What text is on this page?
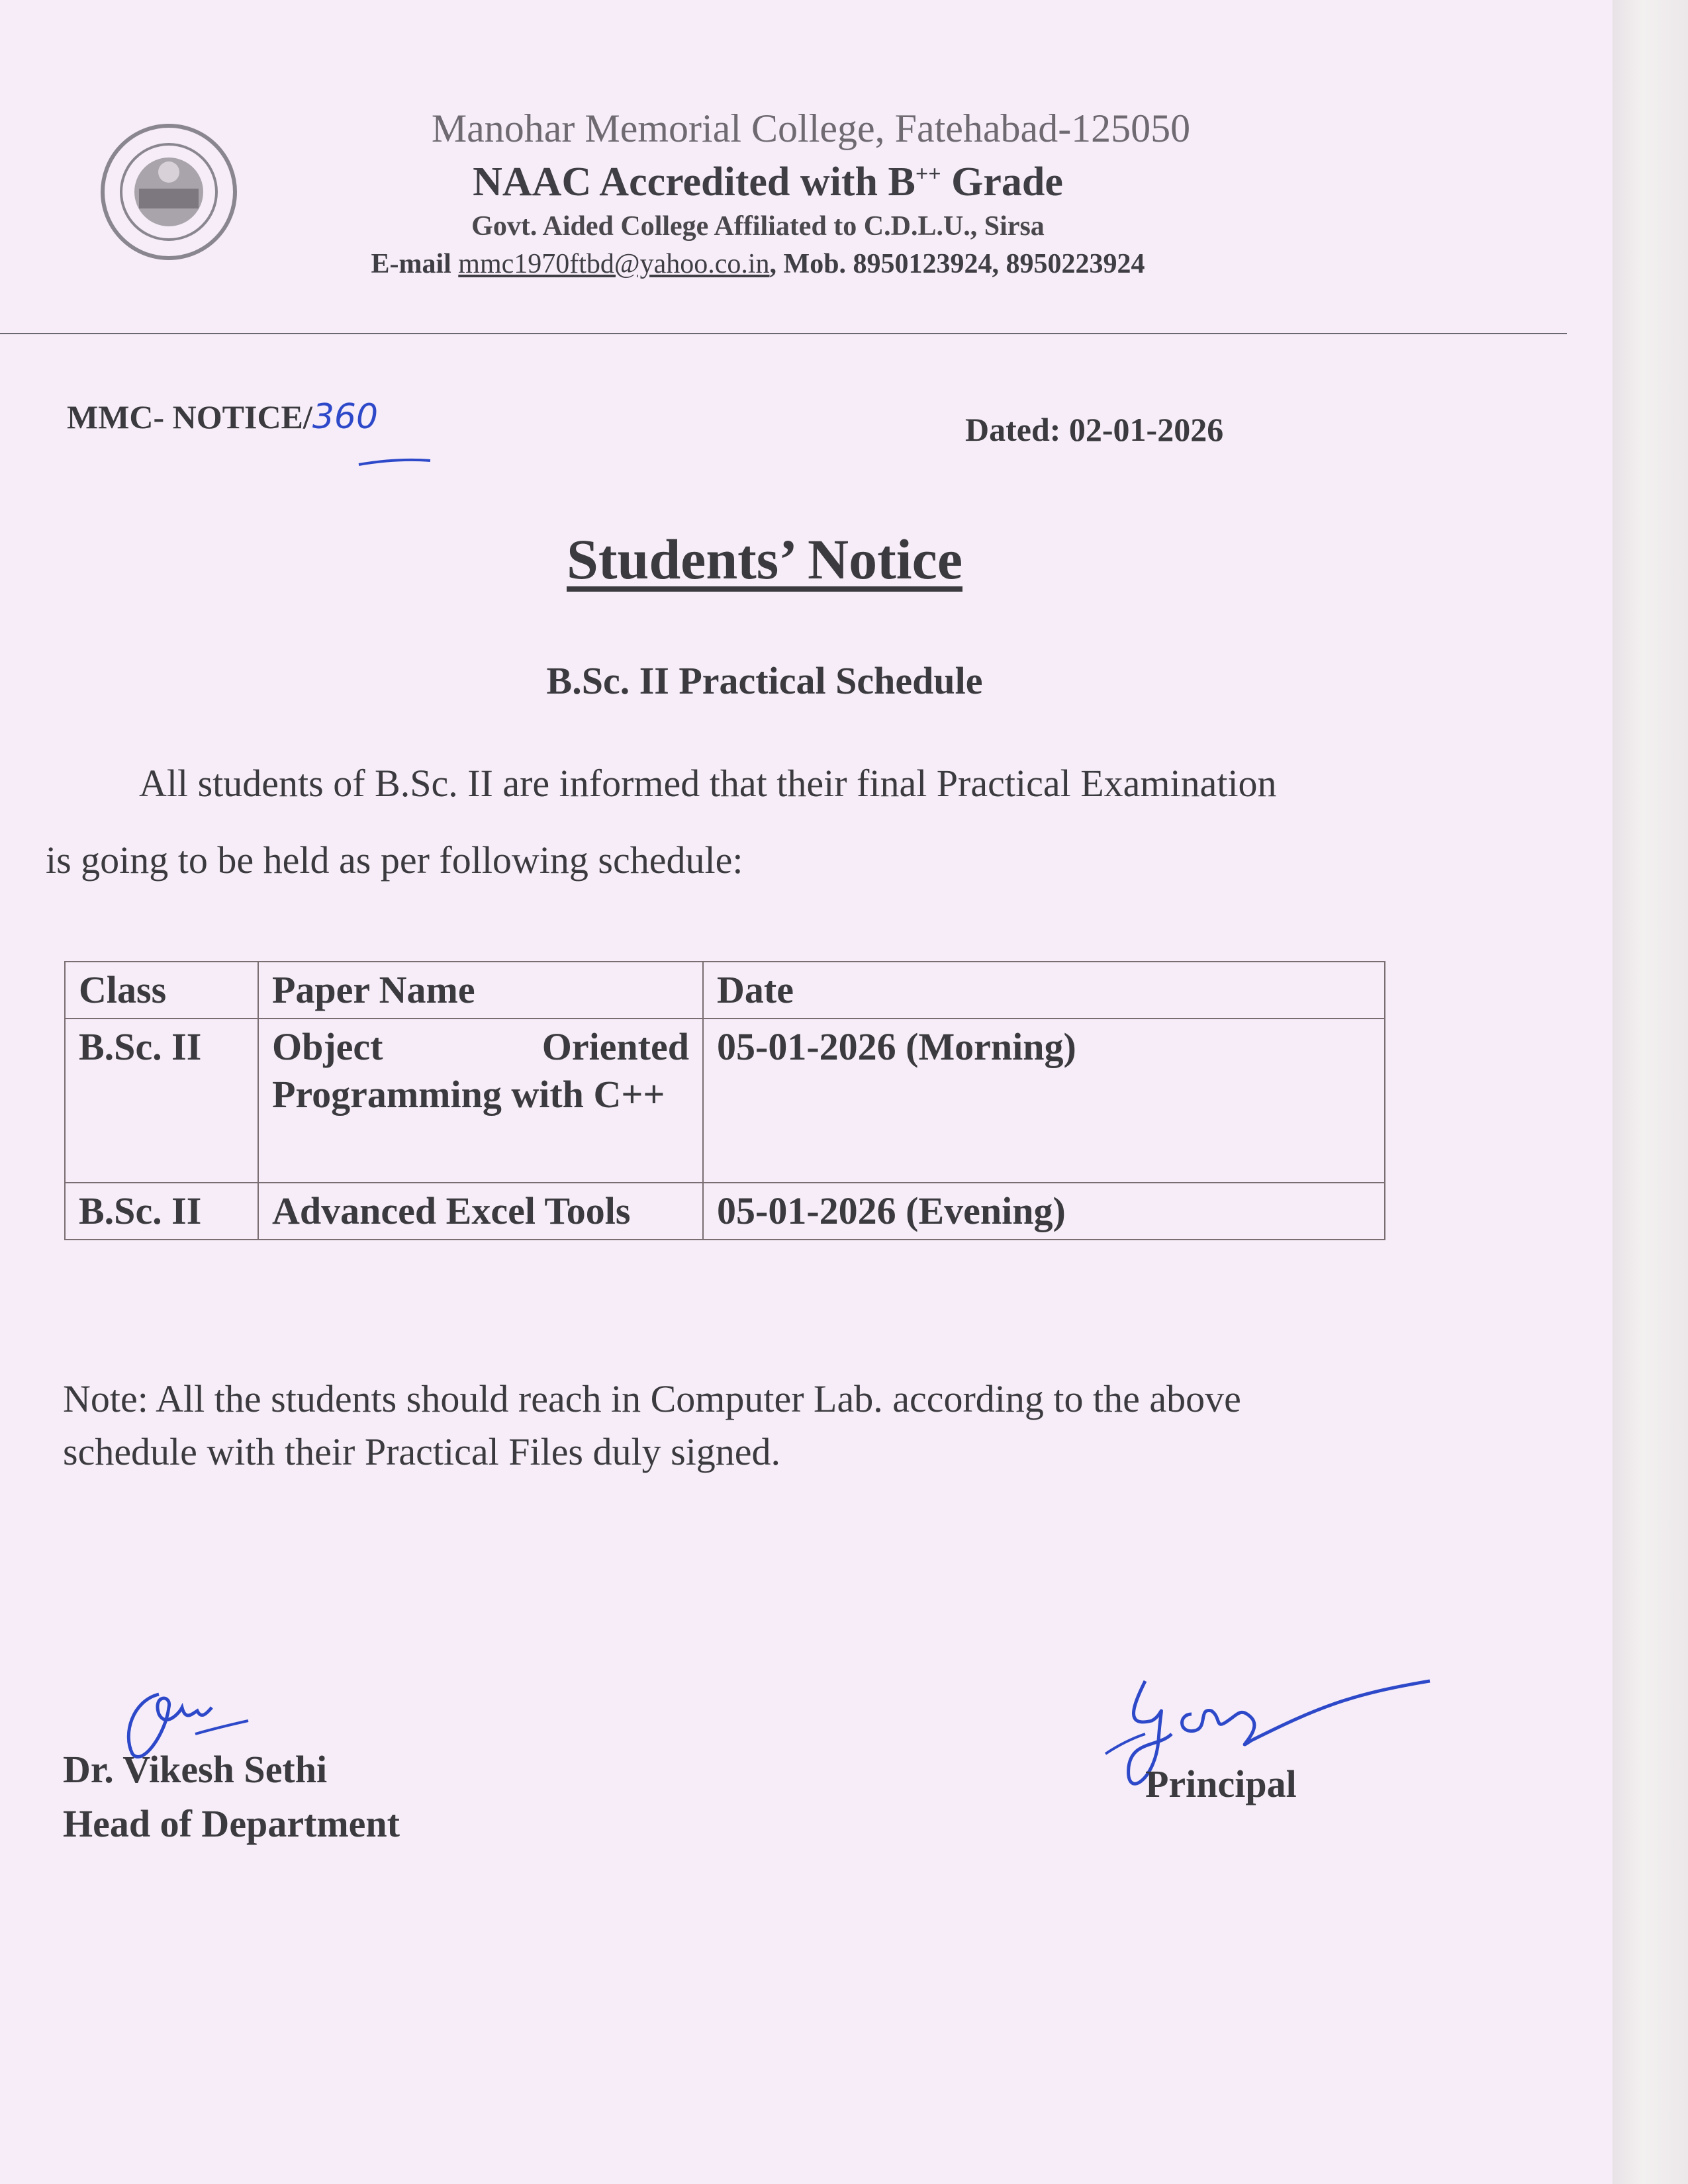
Manohar Memorial College, Fatehabad-125050
NAAC Accredited with B++ Grade
Govt. Aided College Affiliated to C.D.L.U., Sirsa
E-mail mmc1970ftbd@yahoo.co.in, Mob. 8950123924, 8950223924
MMC- NOTICE/360	Dated: 02-01-2026
Students’ Notice
B.Sc. II Practical Schedule
All students of B.Sc. II are informed that their final Practical Examination
is going to be held as per following schedule:
Class	Paper Name	Date
B.Sc. II	Object Oriented Programming with C++	05-01-2026 (Morning)
B.Sc. II	Advanced Excel Tools	05-01-2026 (Evening)
Note: All the students should reach in Computer Lab. according to the above
schedule with their Practical Files duly signed.
Dr. Vikesh Sethi
Head of Department
Principal
